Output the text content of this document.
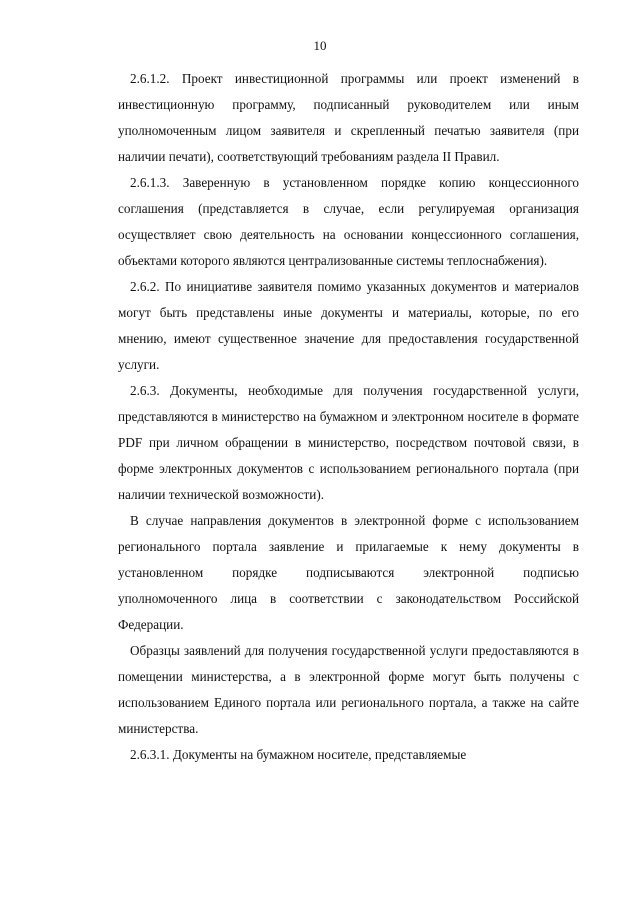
10

2.6.1.2. Проект инвестиционной программы или проект изменений в инвестиционную программу, подписанный руководителем или иным уполномоченным лицом заявителя и скрепленный печатью заявителя (при наличии печати), соответствующий требованиям раздела II Правил.

2.6.1.3. Заверенную в установленном порядке копию концессионного соглашения (представляется в случае, если регулируемая организация осуществляет свою деятельность на основании концессионного соглашения, объектами которого являются централизованные системы теплоснабжения).

2.6.2. По инициативе заявителя помимо указанных документов и материалов могут быть представлены иные документы и материалы, которые, по его мнению, имеют существенное значение для предоставления государственной услуги.

2.6.3. Документы, необходимые для получения государственной услуги, представляются в министерство на бумажном и электронном носителе в формате PDF при личном обращении в министерство, посредством почтовой связи, в форме электронных документов с использованием регионального портала (при наличии технической возможности).

В случае направления документов в электронной форме с использованием регионального портала заявление и прилагаемые к нему документы в установленном порядке подписываются электронной подписью уполномоченного лица в соответствии с законодательством Российской Федерации.

Образцы заявлений для получения государственной услуги предоставляются в помещении министерства, а в электронной форме могут быть получены с использованием Единого портала или регионального портала, а также на сайте министерства.

2.6.3.1. Документы на бумажном носителе, представляемые
